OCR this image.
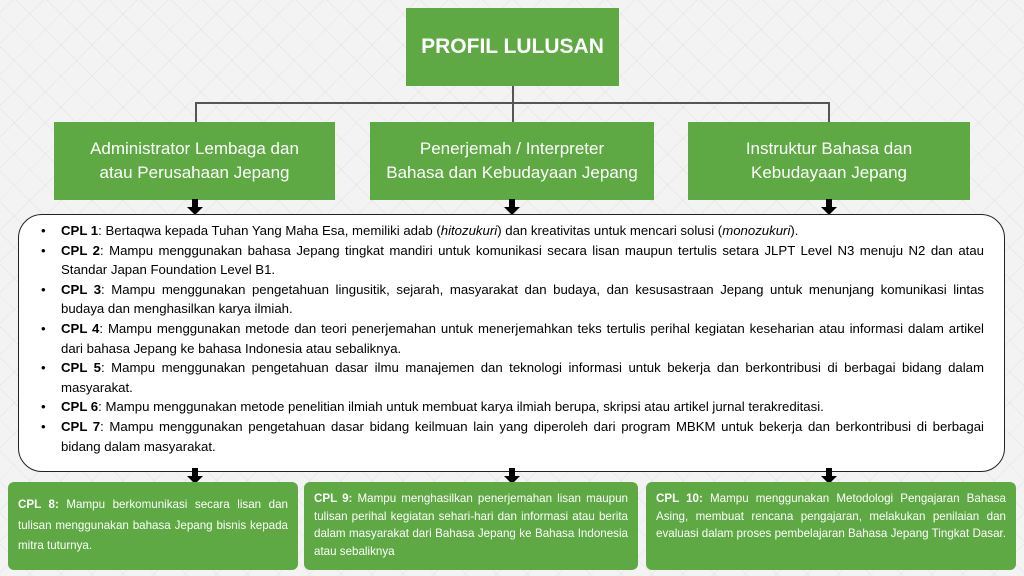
PROFIL LULUSAN
Administrator Lembaga dan
atau Perusahaan Jepang
Penerjemah / Interpreter
Bahasa dan Kebudayaan Jepang
Instruktur Bahasa dan
Kebudayaan Jepang
• CPL 1: Bertaqwa kepada Tuhan Yang Maha Esa, memiliki adab (hitozukuri) dan kreativitas untuk mencari solusi (monozukuri).
• CPL 2: Mampu menggunakan bahasa Jepang tingkat mandiri untuk komunikasi secara lisan maupun tertulis setara JLPT Level N3 menuju N2 dan atau Standar Japan Foundation Level B1.
• CPL 3: Mampu menggunakan pengetahuan lingusitik, sejarah, masyarakat dan budaya, dan kesusastraan Jepang untuk menunjang komunikasi lintas budaya dan menghasilkan karya ilmiah.
• CPL 4: Mampu menggunakan metode dan teori penerjemahan untuk menerjemahkan teks tertulis perihal kegiatan keseharian atau informasi dalam artikel dari bahasa Jepang ke bahasa Indonesia atau sebaliknya.
• CPL 5: Mampu menggunakan pengetahuan dasar ilmu manajemen dan teknologi informasi untuk bekerja dan berkontribusi di berbagai bidang dalam masyarakat.
• CPL 6: Mampu menggunakan metode penelitian ilmiah untuk membuat karya ilmiah berupa, skripsi atau artikel jurnal terakreditasi.
• CPL 7: Mampu menggunakan pengetahuan dasar bidang keilmuan lain yang diperoleh dari program MBKM untuk bekerja dan berkontribusi di berbagai bidang dalam masyarakat.
CPL 8: Mampu berkomunikasi secara lisan dan tulisan menggunakan bahasa Jepang bisnis kepada mitra tuturnya.
CPL 9: Mampu menghasilkan penerjemahan lisan maupun tulisan perihal kegiatan sehari-hari dan informasi atau berita dalam masyarakat dari Bahasa Jepang ke Bahasa Indonesia atau sebaliknya
CPL 10: Mampu menggunakan Metodologi Pengajaran Bahasa Asing, membuat rencana pengajaran, melakukan penilaian dan evaluasi dalam proses pembelajaran Bahasa Jepang Tingkat Dasar.
